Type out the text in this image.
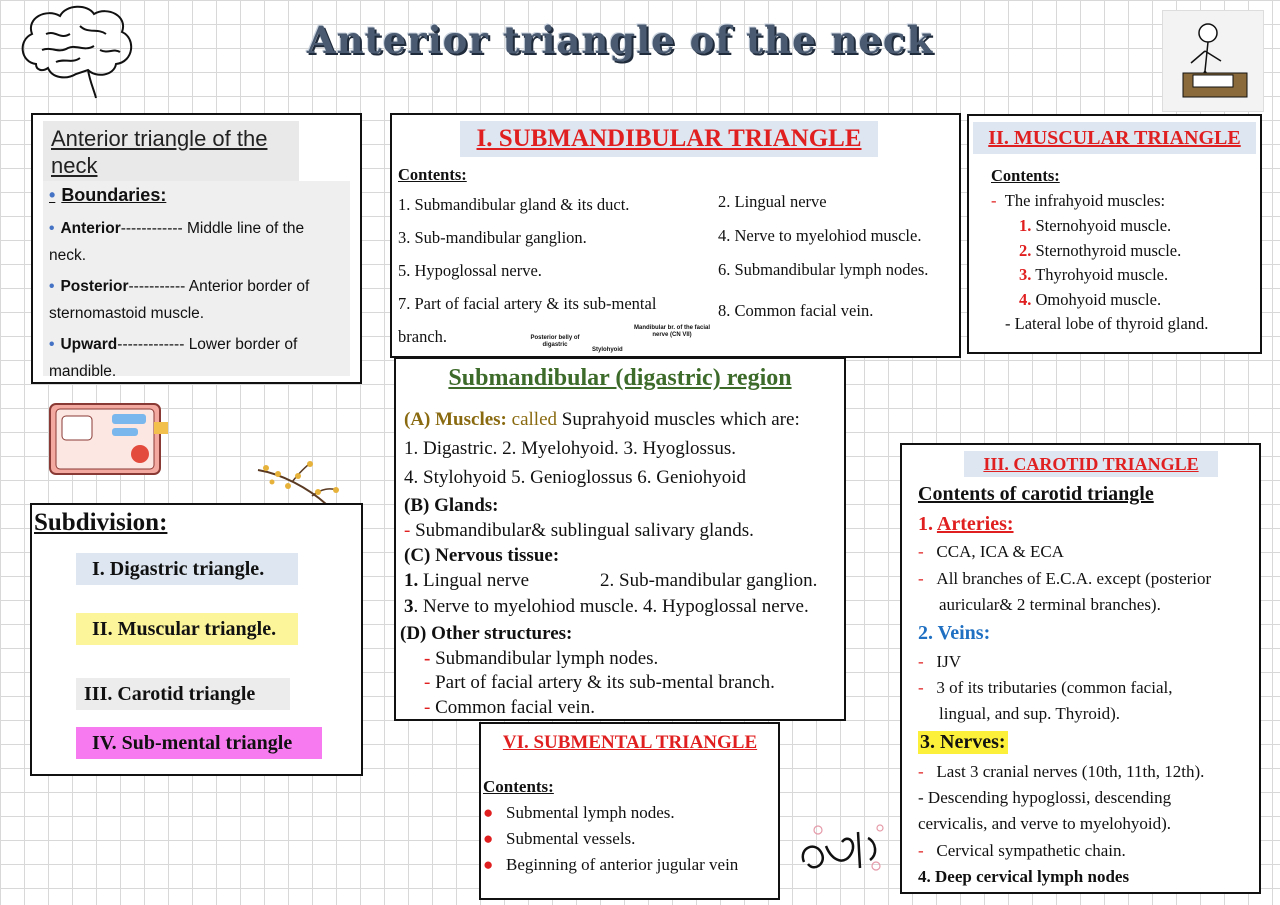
Anterior triangle of the neck
Anterior triangle of the neck
• Boundaries:
• Anterior------------ Middle line of the neck.
• Posterior----------- Anterior border of sternomastoid muscle.
• Upward------------- Lower border of mandible.
I. SUBMANDIBULAR TRIANGLE
Contents:
1. Submandibular gland & its duct.
3. Sub-mandibular ganglion.
5. Hypoglossal nerve.
7. Part of facial artery & its sub-mental
branch.
2. Lingual nerve
4. Nerve to myelohiod muscle.
6. Submandibular lymph nodes.
8. Common facial vein.
Posterior belly of digastric
Stylohyoid
Mandibular br. of the facial nerve (CN VII)
II. MUSCULAR TRIANGLE
Contents:
- The infrahyoid muscles:
1. Sternohyoid muscle.
2. Sternothyroid muscle.
3. Thyrohyoid muscle.
4. Omohyoid muscle.
- Lateral lobe of thyroid gland.
Submandibular (digastric) region
(A) Muscles: called Suprahyoid muscles which are:
1. Digastric. 2. Myelohyoid. 3. Hyoglossus.
4. Stylohyoid 5. Genioglossus 6. Geniohyoid
(B) Glands:
- Submandibular& sublingual salivary glands.
(C) Nervous tissue:
1. Lingual nerve	2. Sub-mandibular ganglion.
3. Nerve to myelohiod muscle. 4. Hypoglossal nerve.
(D) Other structures:
- Submandibular lymph nodes.
- Part of facial artery & its sub-mental branch.
- Common facial vein.
Subdivision:
I. Digastric triangle.
II. Muscular triangle.
III. Carotid triangle
IV. Sub-mental triangle
III. CAROTID TRIANGLE
Contents of carotid triangle
1. Arteries:
- CCA, ICA & ECA
- All branches of E.C.A. except (posterior
auricular& 2 terminal branches).
2. Veins:
- IJV
- 3 of its tributaries (common facial,
lingual, and sup. Thyroid).
3. Nerves:
- Last 3 cranial nerves (10th, 11th, 12th).
- Descending hypoglossi, descending
cervicalis, and verve to myelohyoid).
- Cervical sympathetic chain.
4. Deep cervical lymph nodes
VI. SUBMENTAL TRIANGLE
Contents:
● Submental lymph nodes.
● Submental vessels.
● Beginning of anterior jugular vein
